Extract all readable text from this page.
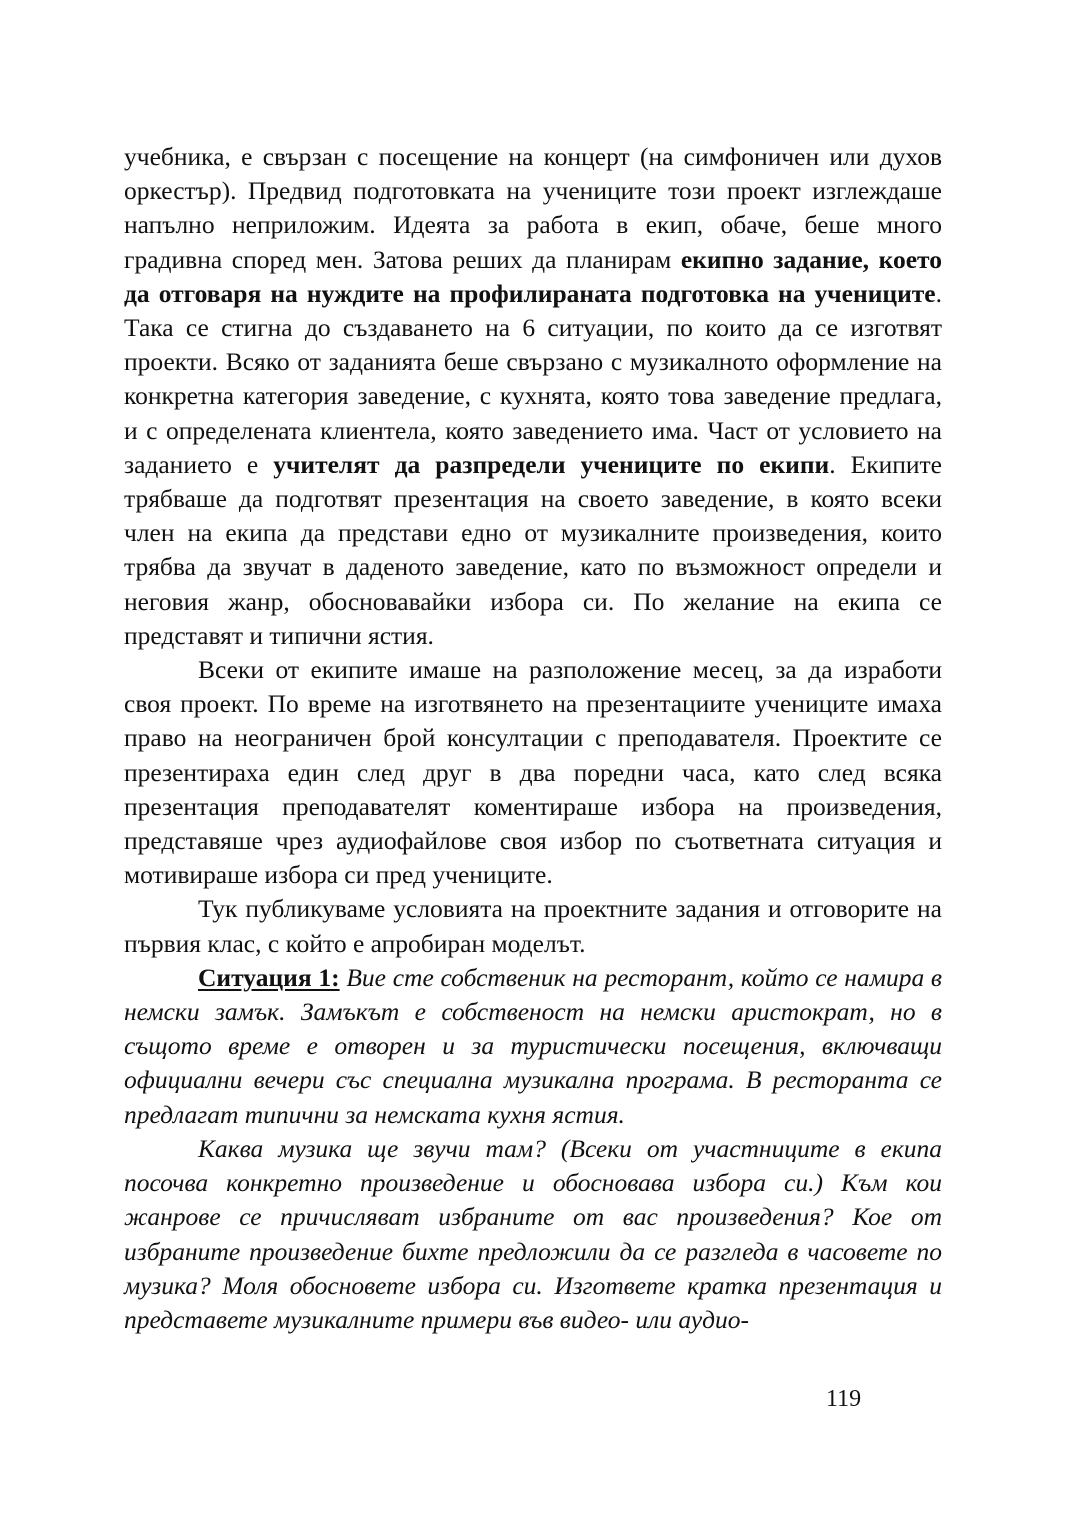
учебника, е свързан с посещение на концерт (на симфоничен или духов оркестър). Предвид подготовката на учениците този проект изглеждаше напълно неприложим. Идеята за работа в екип, обаче, беше много градивна според мен. Затова реших да планирам екипно задание, което да отговаря на нуждите на профилираната подготовка на учениците. Така се стигна до създаването на 6 ситуации, по които да се изготвят проекти. Всяко от заданията беше свързано с музикалното оформление на конкретна категория заведение, с кухнята, която това заведение предлага, и с определената клиентела, която заведението има. Част от условието на заданието е учителят да разпредели учениците по екипи. Екипите трябваше да подготвят презентация на своето заведение, в която всеки член на екипа да представи едно от музикалните произведения, които трябва да звучат в даденото заведение, като по възможност определи и неговия жанр, обосновавайки избора си. По желание на екипа се представят и типични ястия.

Всеки от екипите имаше на разположение месец, за да изработи своя проект. По време на изготвянето на презентациите учениците имаха право на неограничен брой консултации с преподавателя. Проектите се презентираха един след друг в два поредни часа, като след всяка презентация преподавателят коментираше избора на произведения, представяше чрез аудиофайлове своя избор по съответната ситуация и мотивираше избора си пред учениците.

Тук публикуваме условията на проектните задания и отговорите на първия клас, с който е апробиран моделът.

Ситуация 1: Вие сте собственик на ресторант, който се намира в немски замък. Замъкът е собственост на немски аристократ, но в същото време е отворен и за туристически посещения, включващи официални вечери със специална музикална програма. В ресторанта се предлагат типични за немската кухня ястия.

Каква музика ще звучи там? (Всеки от участниците в екипа посочва конкретно произведение и обосновава избора си.) Към кои жанрове се причисляват избраните от вас произведения? Кое от избраните произведение бихте предложили да се разгледа в часовете по музика? Моля обосновете избора си. Изгответе кратка презентация и представете музикалните примери във видео- или аудио-

119
